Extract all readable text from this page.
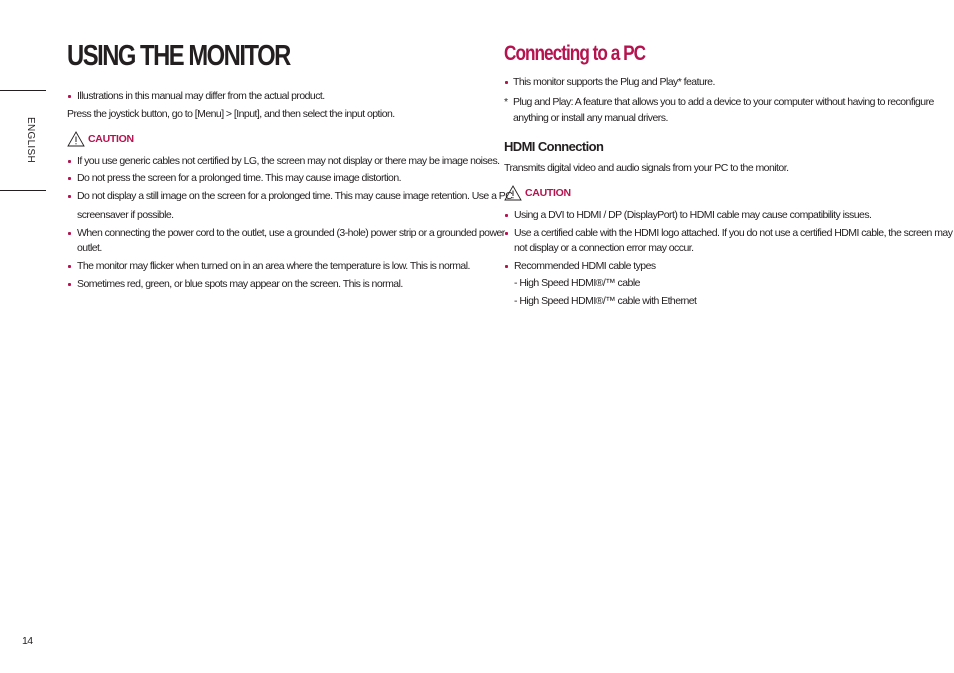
ENGLISH
14
USING THE MONITOR
Illustrations in this manual may differ from the actual product.
Press the joystick button, go to [Menu] > [Input], and then select the input option.
CAUTION
If you use generic cables not certified by LG, the screen may not display or there may be image noises.
Do not press the screen for a prolonged time. This may cause image distortion.
Do not display a still image on the screen for a prolonged time. This may cause image retention. Use a PC
screensaver if possible.
When connecting the power cord to the outlet, use a grounded (3-hole) power strip or a grounded power
outlet.
The monitor may flicker when turned on in an area where the temperature is low. This is normal.
Sometimes red, green, or blue spots may appear on the screen. This is normal.
Connecting to a PC
This monitor supports the Plug and Play* feature.
* Plug and Play: A feature that allows you to add a device to your computer without having to reconfigure
anything or install any manual drivers.
HDMI Connection
Transmits digital video and audio signals from your PC to the monitor.
CAUTION
Using a DVI to HDMI / DP (DisplayPort) to HDMI cable may cause compatibility issues.
Use a certified cable with the HDMI logo attached. If you do not use a certified HDMI cable, the screen may
not display or a connection error may occur.
Recommended HDMI cable types
- High Speed HDMI®/™ cable
- High Speed HDMI®/™ cable with Ethernet
